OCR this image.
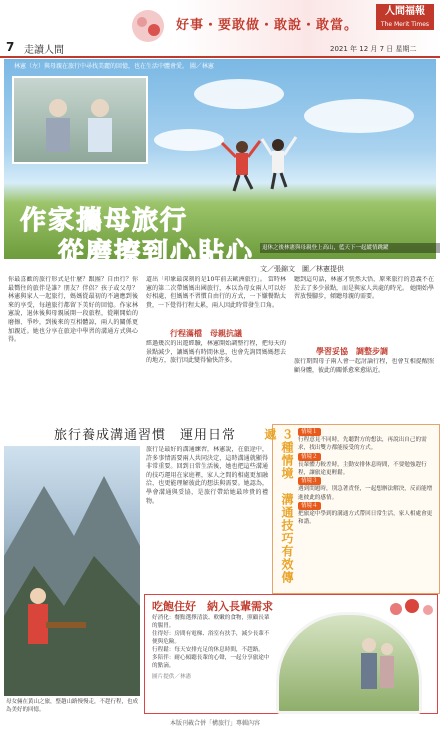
好事・要敢做・敢說・敢當。
人間福報
The Merit Times
7 走讀人間	2021 年 12 月 7 日 星期二
林憲（左）與母親在旅行中尋找美麗的回憶，也在生活中體會愛。 圖／林憲
作家攜母旅行
從磨擦到心貼心	退休之後林憲與母親登上高山，藍天下一起縱情跳躍
文／張錦文　圖／林憲提供
你最喜歡的旅行形式是什麼？跟團？自由行？你最嚮往的旅伴是誰？朋友？伴侶？孩子或父母？ 林憲與家人一起旅行，媽媽從最初的不適應到後來的享受，每趟旅行都留下美好的回憶。作家林憲說，退休後與母親展開一段旅程，從剛開始的磨擦、爭吵，到後來的互相體諒，兩人的關係更加親近。她也分享在旅途中學習的溝通方式與心得。
道出「印象最深刻的是10年前去歐洲旅行」。 當時林憲的第二次帶媽媽出國旅行，本以為母女兩人可以好好相處，但媽媽不習慣自由行的方式，一下嫌餐點太貴，一下覺得行程太累，兩人因此時常發生口角。
行程滿檔　母親抗議
經過幾次的出遊經驗，林憲開始調整行程，把每天的景點減少，讓媽媽有時間休息，也會先詢問媽媽想去的地方，旅行因此變得愉快許多。
聽到這句話，林憲才恍然大悟，原來旅行的意義不在於去了多少景點，而是與家人共處的時光。 她開始學習放慢腳步，傾聽母親的需要。
學習妥協　調整步調
旅行期間母子兩人會一起討論行程，也會互相提醒照顧身體，彼此的關係愈來愈貼近。
旅行養成溝通習慣　運用日常
旅行是最好的溝通練習，林憲說，在旅途中，許多事情需要兩人共同決定，這時溝通就顯得非常重要。回到日常生活後，她也把這些溝通的技巧運用在家庭裡，家人之間的相處更加融洽，也更能理解彼此的想法與需要。她認為，學會溝通與妥協，是旅行帶給她最珍貴的禮物。
母女倆在黃山之旅，整趟山路慢慢走，不趕行程，也成為美好的回憶。
３種情境　溝通技巧有效傳遞	情境１
行程意見不同時，先聽對方的想法，再說出自己的需求，找出雙方都能接受的方式。
情境２
長輩體力較差時，主動安排休息時間，不要勉強趕行程，讓旅途更輕鬆。
情境３
遇到問題時，別急著責怪，一起想辦法解決，反而能增進彼此的感情。
情境４
把旅途中學到的溝通方式帶回日常生活，家人相處會更和諧。
吃飽住好　納入長輩需求
好消化：餐點選擇清淡、軟嫩的食物，照顧長輩的腸胃。
住得好：房間有電梯、浴室有扶手，減少長輩不便與危險。
行程鬆：每天安排充足的休息時間，不趕路。
多陪伴：耐心傾聽長輩的心聲，一起分享旅途中的點滴。
圖片提供／林憲
本版刊載合併「構旅行」專輯內容
